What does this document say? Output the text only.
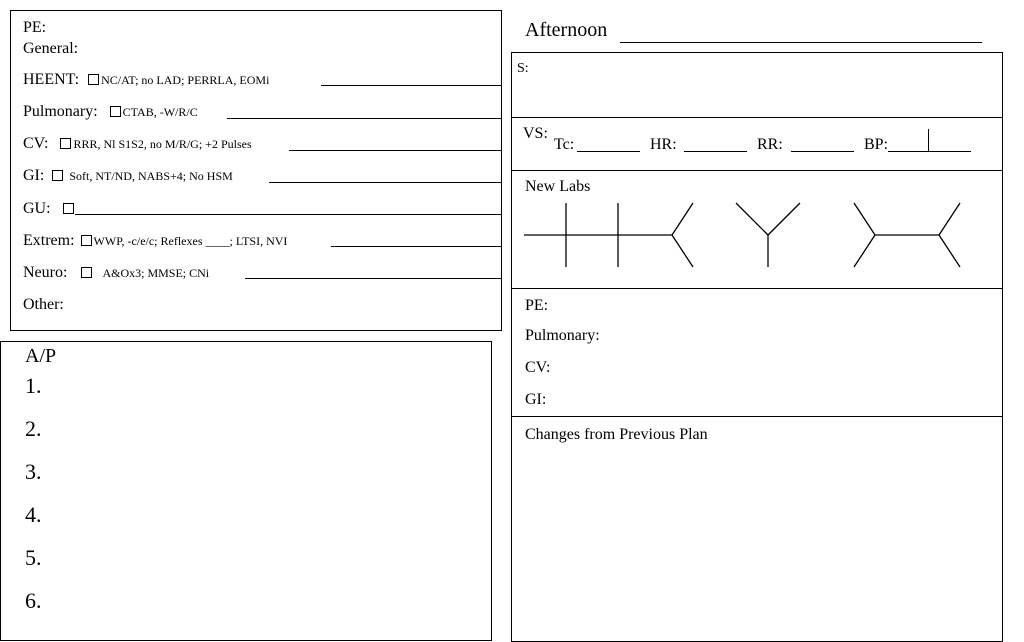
PE:
General:
HEENT: NC/AT; no LAD; PERRLA, EOMi
Pulmonary: CTAB, -W/R/C
CV: RRR, Nl S1S2, no M/R/G; +2 Pulses
GI: Soft, NT/ND, NABS+4; No HSM
GU:
Extrem: WWP, -c/e/c; Reflexes ____; LTSI, NVI
Neuro:	A&Ox3; MMSE; CNi
Other:
A/P
1.
2.
3.
4.
5.
6.
Afternoon
S:
VS:
Tc:	HR:	RR:	BP:
New Labs
PE:
Pulmonary:
CV:
GI:
Changes from Previous Plan
